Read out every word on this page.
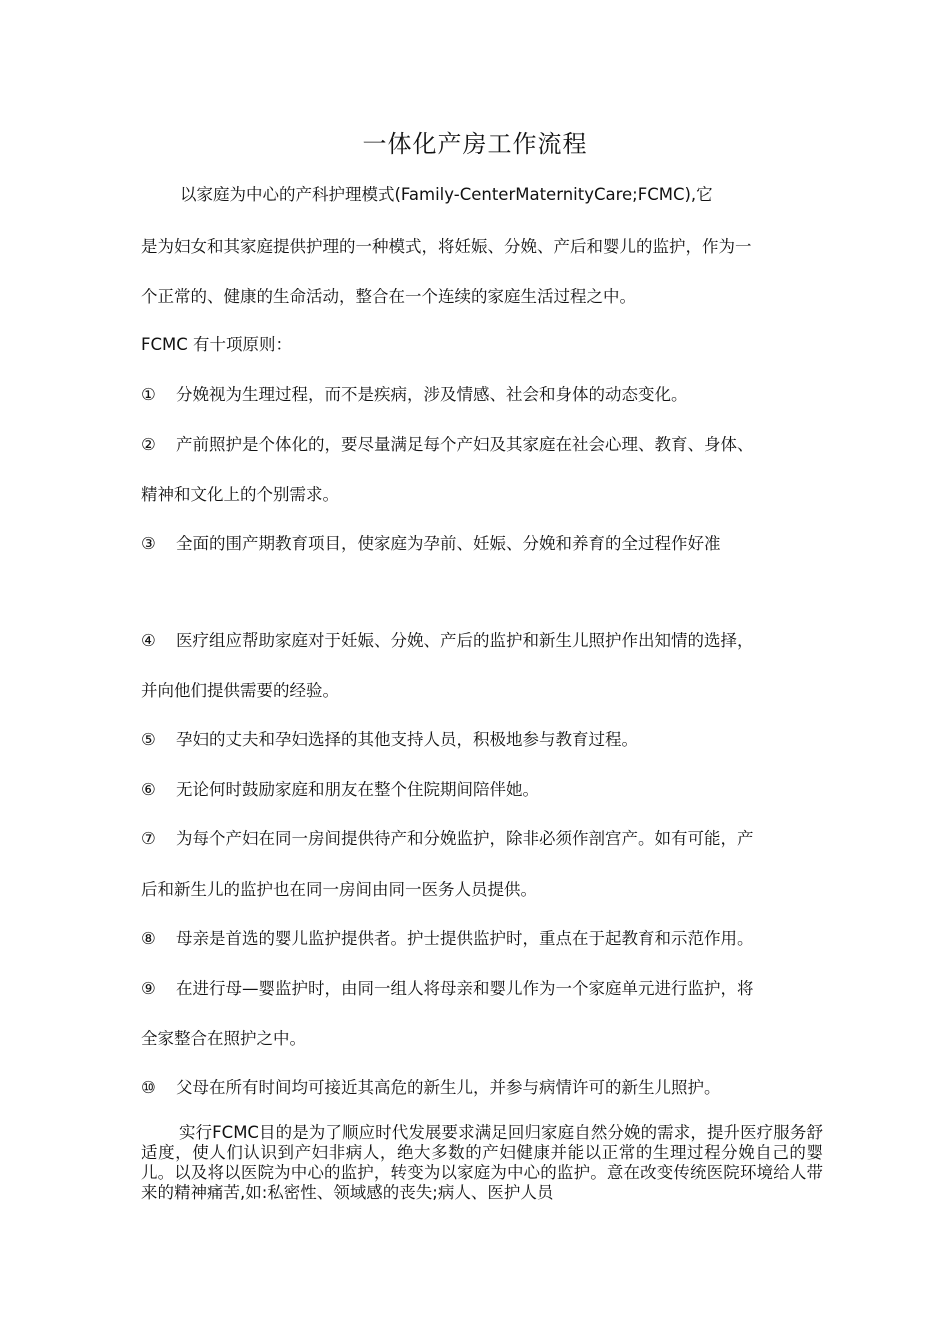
一体化产房工作流程
以家庭为中心的产科护理模式(Family-CenterMaternityCare;FCMC),它
是为妇女和其家庭提供护理的一种模式，将妊娠、分娩、产后和婴儿的监护，作为一
个正常的、健康的生命活动，整合在一个连续的家庭生活过程之中。
FCMC 有十项原则：
① 分娩视为生理过程，而不是疾病，涉及情感、社会和身体的动态变化。
② 产前照护是个体化的，要尽量满足每个产妇及其家庭在社会心理、教育、身体、
精神和文化上的个别需求。
③ 全面的围产期教育项目，使家庭为孕前、妊娠、分娩和养育的全过程作好准
④ 医疗组应帮助家庭对于妊娠、分娩、产后的监护和新生儿照护作出知情的选择，
并向他们提供需要的经验。
⑤ 孕妇的丈夫和孕妇选择的其他支持人员，积极地参与教育过程。
⑥ 无论何时鼓励家庭和朋友在整个住院期间陪伴她。
⑦ 为每个产妇在同一房间提供待产和分娩监护，除非必须作剖宫产。如有可能，产
后和新生儿的监护也在同一房间由同一医务人员提供。
⑧ 母亲是首选的婴儿监护提供者。护士提供监护时，重点在于起教育和示范作用。
⑨ 在进行母—婴监护时，由同一组人将母亲和婴儿作为一个家庭单元进行监护，将
全家整合在照护之中。
⑩ 父母在所有时间均可接近其高危的新生儿，并参与病情许可的新生儿照护。
实行FCMC目的是为了顺应时代发展要求满足回归家庭自然分娩的需求，提升医疗服务舒适度，使人们认识到产妇非病人，绝大多数的产妇健康并能以正常的生理过程分娩自己的婴儿。以及将以医院为中心的监护，转变为以家庭为中心的监护。意在改变传统医院环境给人带来的精神痛苦,如:私密性、领域感的丧失;病人、医护人员
